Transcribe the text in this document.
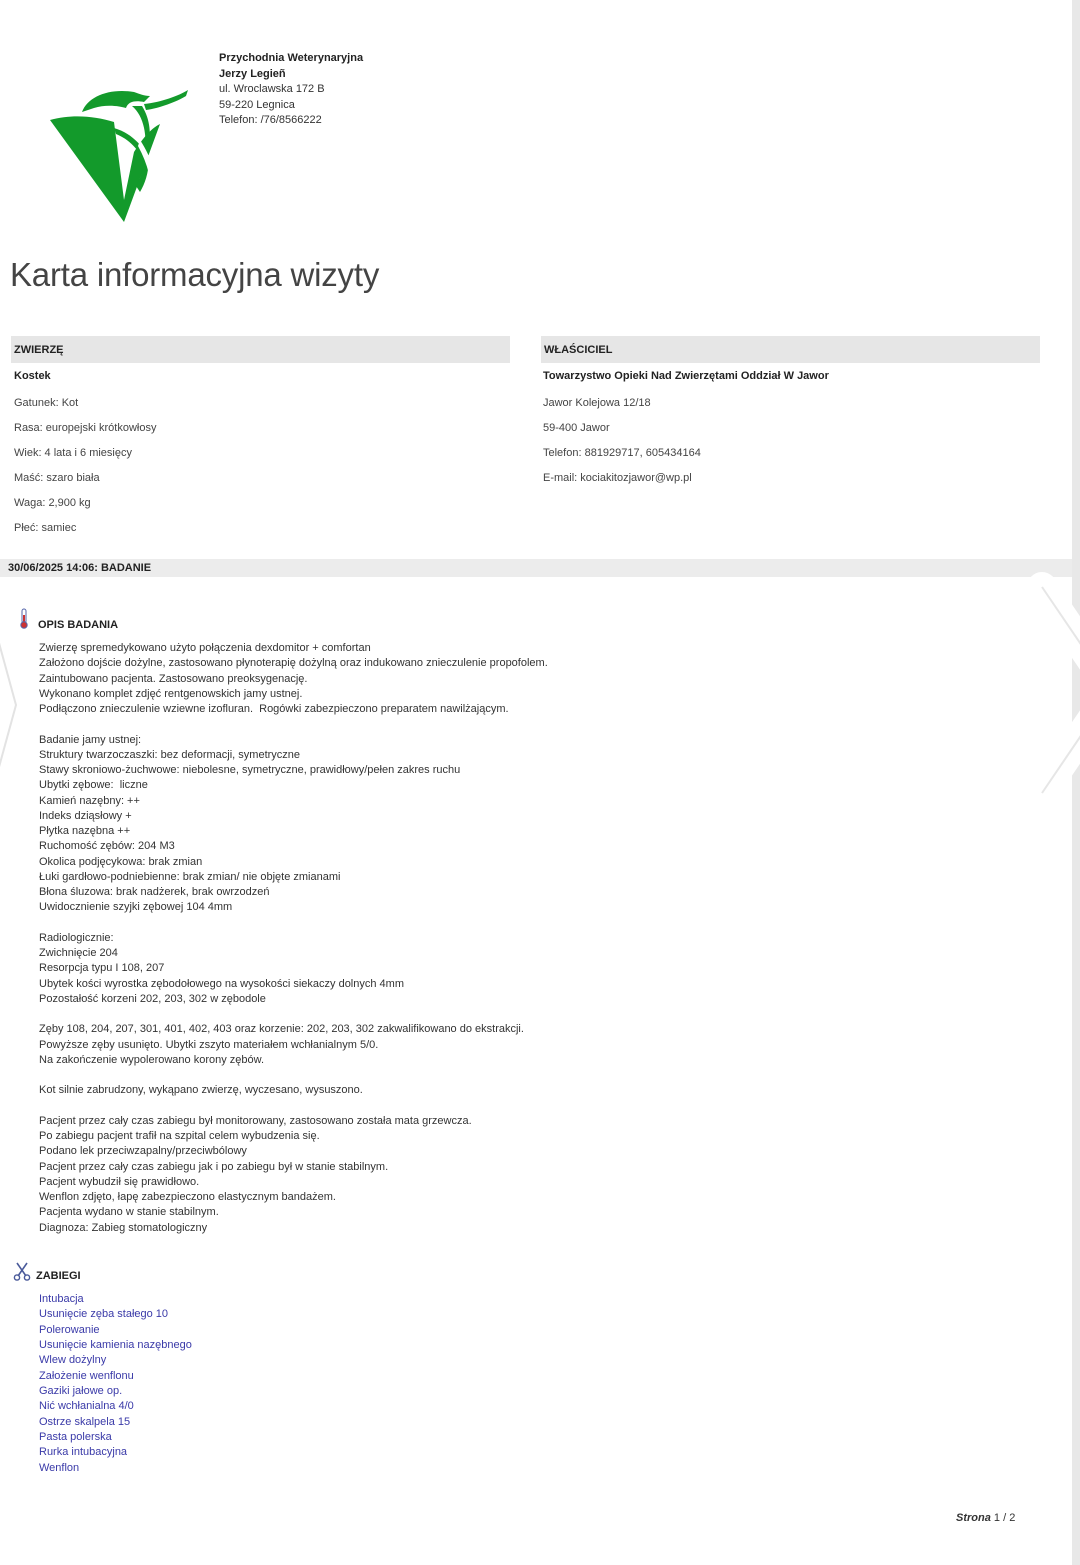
Przychodnia Weterynaryjna
Jerzy Legieñ
ul. Wroclawska 172 B
59-220 Legnica
Telefon: /76/8566222
Karta informacyjna wizyty
ZWIERZĘ
Kostek
Gatunek: Kot
Rasa: europejski krótkowłosy
Wiek: 4 lata i 6 miesięcy
Maść: szaro biała
Waga: 2,900 kg
Płeć: samiec
WŁAŚCICIEL
Towarzystwo Opieki Nad Zwierzętami Oddział W Jawor
Jawor Kolejowa 12/18
59-400 Jawor
Telefon: 881929717, 605434164
E-mail: kociakitozjawor@wp.pl
30/06/2025 14:06: BADANIE
OPIS BADANIA
Zwierzę spremedykowano użyto połączenia dexdomitor + comfortan
Założono dojście dożylne, zastosowano płynoterapię dożylną oraz indukowano znieczulenie propofolem.
Zaintubowano pacjenta. Zastosowano preoksygenację.
Wykonano komplet zdjęć rentgenowskich jamy ustnej.
Podłączono znieczulenie wziewne izofluran.  Rogówki zabezpieczono preparatem nawilżającym.
Badanie jamy ustnej:
Struktury twarzoczaszki: bez deformacji, symetryczne
Stawy skroniowo-żuchwowe: niebolesne, symetryczne, prawidłowy/pełen zakres ruchu
Ubytki zębowe:  liczne
Kamień nazębny: ++
Indeks dziąsłowy +
Płytka nazębna ++
Ruchomość zębów: 204 M3
Okolica podjęcykowa: brak zmian
Łuki gardłowo-podniebienne: brak zmian/ nie objęte zmianami
Błona śluzowa: brak nadżerek, brak owrzodzeń
Uwidocznienie szyjki zębowej 104 4mm
Radiologicznie:
Zwichnięcie 204
Resorpcja typu I 108, 207
Ubytek kości wyrostka zębodołowego na wysokości siekaczy dolnych 4mm
Pozostałość korzeni 202, 203, 302 w zębodole
Zęby 108, 204, 207, 301, 401, 402, 403 oraz korzenie: 202, 203, 302 zakwalifikowano do ekstrakcji.
Powyższe zęby usunięto. Ubytki zszyto materiałem wchłanialnym 5/0.
Na zakończenie wypolerowano korony zębów.
Kot silnie zabrudzony, wykąpano zwierzę, wyczesano, wysuszono.
Pacjent przez cały czas zabiegu był monitorowany, zastosowano została mata grzewcza.
Po zabiegu pacjent trafił na szpital celem wybudzenia się.
Podano lek przeciwzapalny/przeciwbólowy
Pacjent przez cały czas zabiegu jak i po zabiegu był w stanie stabilnym.
Pacjent wybudził się prawidłowo.
Wenflon zdjęto, łapę zabezpieczono elastycznym bandażem.
Pacjenta wydano w stanie stabilnym.
Diagnoza: Zabieg stomatologiczny
ZABIEGI
Intubacja
Usunięcie zęba stałego 10
Polerowanie
Usunięcie kamienia nazębnego
Wlew dożylny
Założenie wenflonu
Gaziki jałowe op.
Nić wchłanialna 4/0
Ostrze skalpela 15
Pasta polerska
Rurka intubacyjna
Wenflon
Strona 1 / 2
